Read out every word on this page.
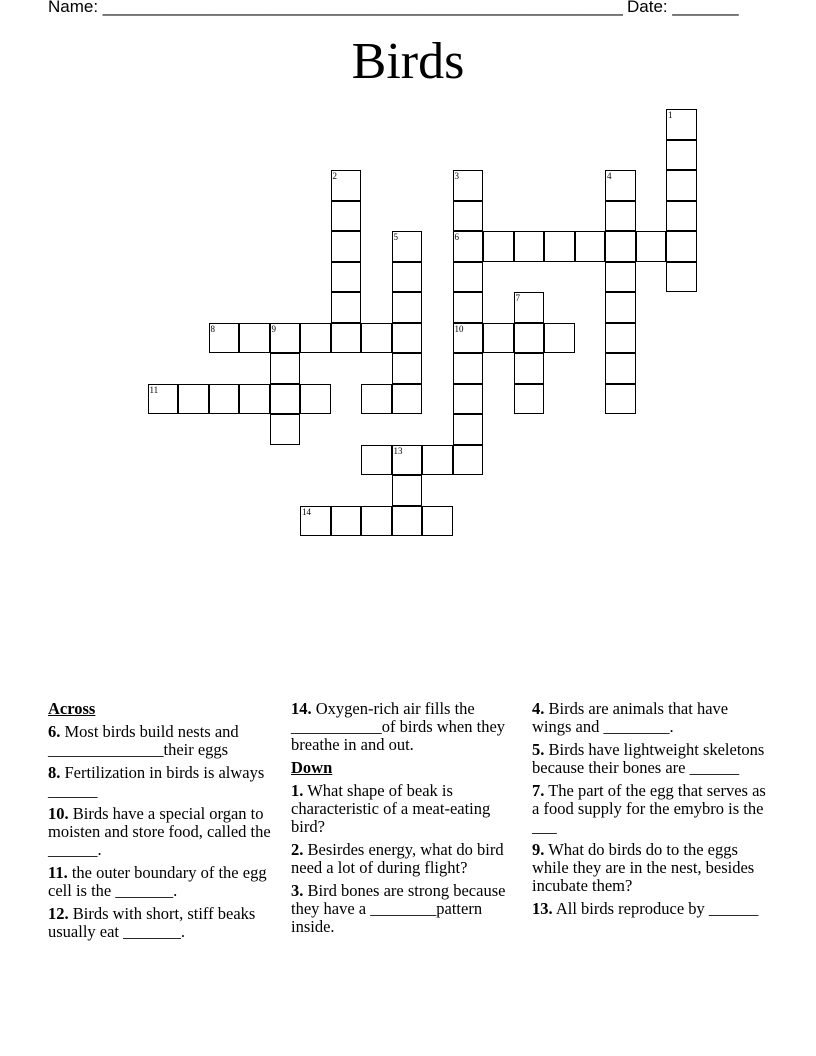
Name: _______________________________________________________ Date: _______
Birds
1
2	3
6
10
4
5
7
8	9
11
13
14
Across
6. Most birds build nests and ______________their eggs
8. Fertilization in birds is always ______
10. Birds have a special organ to moisten and store food, called the ______.
11. the outer boundary of the egg cell is the _______.
12. Birds with short, stiff beaks usually eat _______.
14. Oxygen-rich air fills the ___________of birds when they breathe in and out.
Down
1. What shape of beak is characteristic of a meat-eating bird?
2. Besirdes energy, what do bird need a lot of during flight?
3. Bird bones are strong because they have a ________pattern inside.
4. Birds are animals that have wings and ________.
5. Birds have lightweight skeletons because their bones are ______
7. The part of the egg that serves as a food supply for the emybro is the ___
9. What do birds do to the eggs while they are in the nest, besides incubate them?
13. All birds reproduce by ______
